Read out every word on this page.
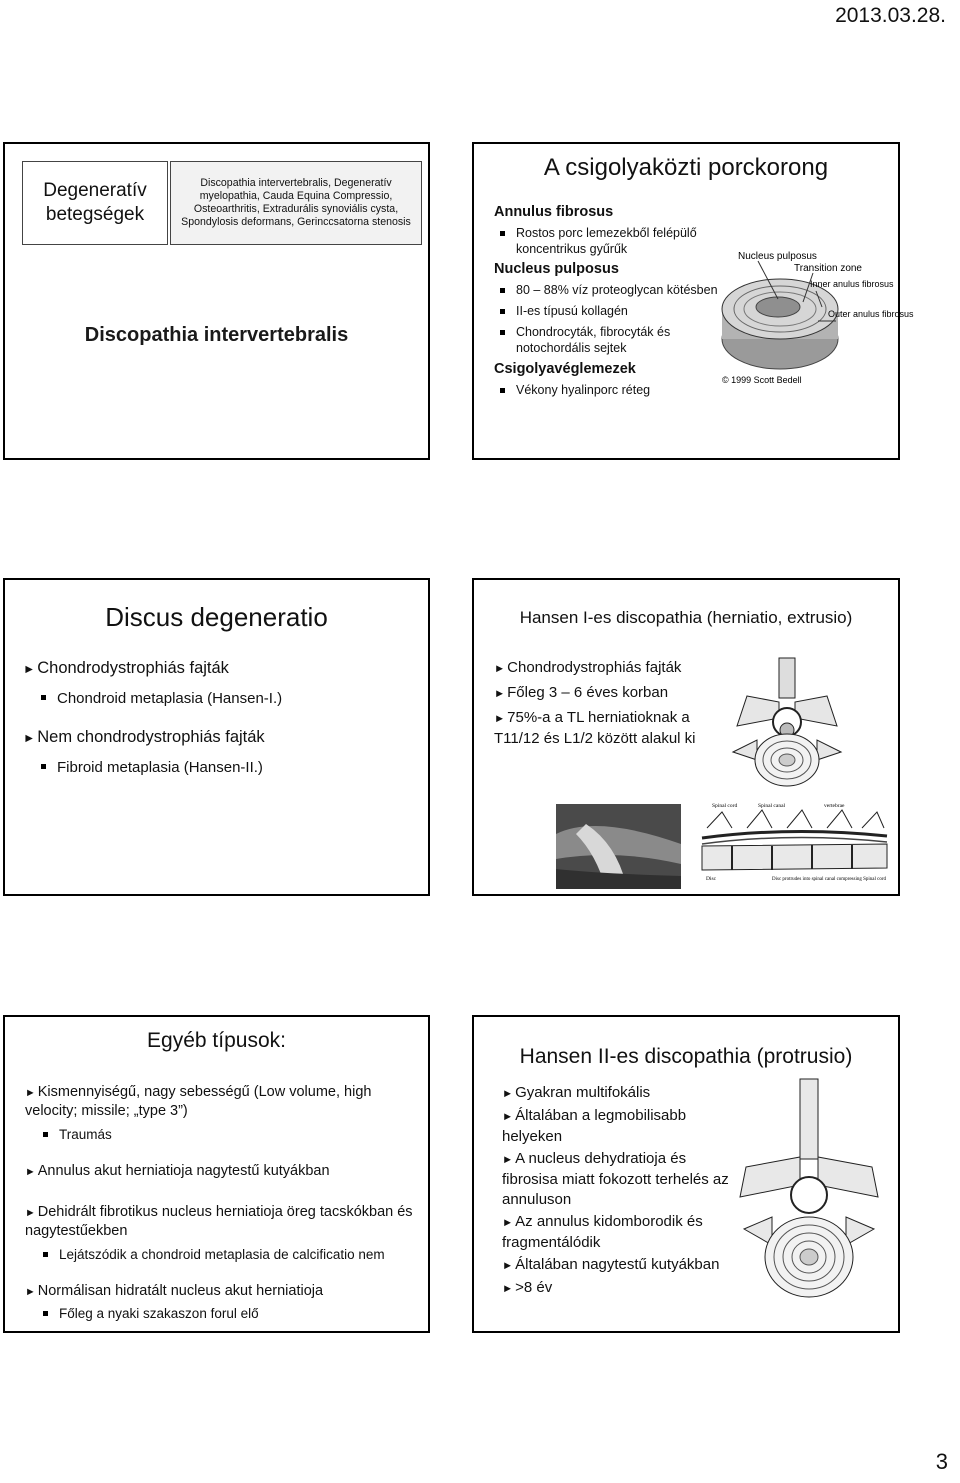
2013.03.28.
Degeneratív betegségek
Discopathia intervertebralis, Degeneratív myelopathia, Cauda Equina Compressio, Osteoarthritis, Extradurális synoviális cysta, Spondylosis deformans, Gerinccsatorna stenosis
Discopathia intervertebralis
A csigolyaközti porckorong
Annulus fibrosus
Rostos porc lemezekből felépülő koncentrikus gyűrűk
Nucleus pulposus
80 – 88% víz proteoglycan kötésben
II-es típusú kollagén
Chondrocyták, fibrocyták és notochordális sejtek
Csigolyavéglemezek
Vékony hyalinporc réteg
Nucleus pulposus
Transition zone
Inner anulus fibrosus
Outer anulus fibrosus
© 1999 Scott Bedell
Discus degeneratio
► Chondrodystrophiás fajták
Chondroid metaplasia (Hansen-I.)
► Nem chondrodystrophiás fajták
Fibroid metaplasia (Hansen-II.)
Hansen I-es discopathia (herniatio, extrusio)
► Chondrodystrophiás fajták
► Főleg 3 – 6 éves korban
► 75%-a a TL herniatioknak a T11/12 és L1/2 között alakul ki
Spinal cord	Spinal canal	vertebrae
Disc	Disc protrudes into spinal canal compressing Spinal cord
Egyéb típusok:
► Kismennyiségű, nagy sebességű (Low volume, high velocity; missile; „type 3”)
Traumás
► Annulus akut herniatioja nagytestű kutyákban
► Dehidrált fibrotikus nucleus herniatioja öreg tacskókban és nagytestűekben
Lejátszódik a chondroid metaplasia de calcificatio nem
► Normálisan hidratált nucleus akut herniatioja
Főleg a nyaki szakaszon forul elő
Hansen II-es discopathia (protrusio)
► Gyakran multifokális
► Általában a legmobilisabb helyeken
► A nucleus dehydratioja és fibrosisa miatt fokozott terhelés az annuluson
► Az annulus kidomborodik és fragmentálódik
► Általában nagytestű kutyákban
► >8 év
3
